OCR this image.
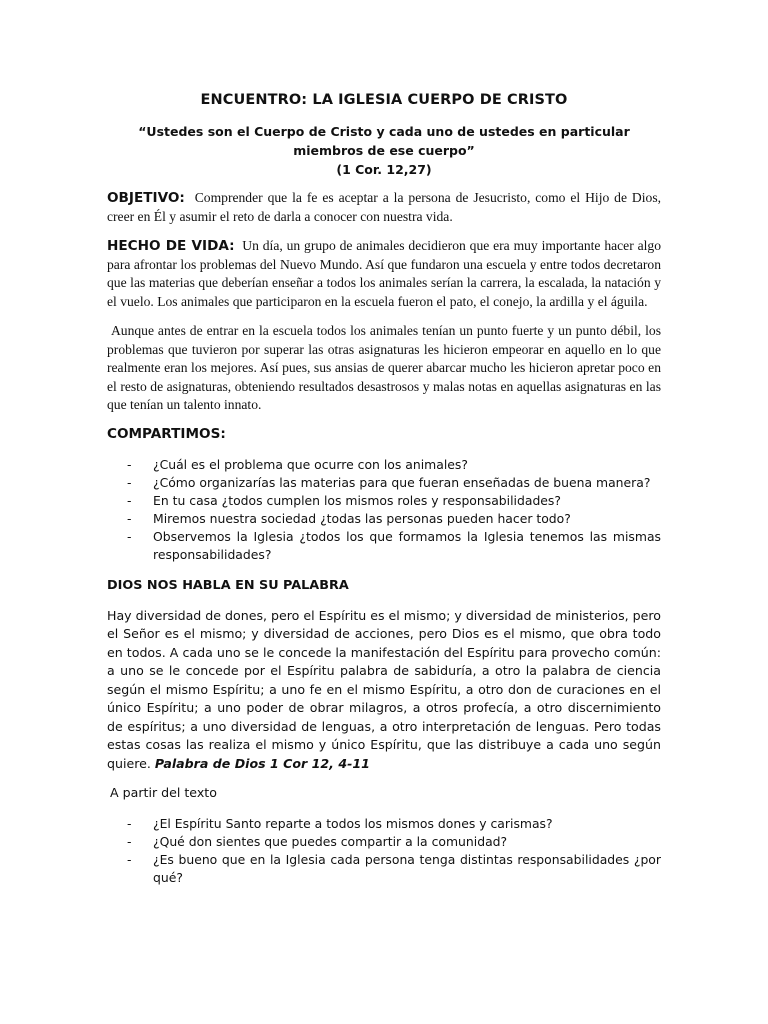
ENCUENTRO: LA IGLESIA CUERPO DE CRISTO
“Ustedes son el Cuerpo de Cristo y cada uno de ustedes en particular miembros de ese cuerpo”
(1 Cor. 12,27)
OBJETIVO: Comprender que la fe es aceptar a la persona de Jesucristo, como el Hijo de Dios, creer en Él y asumir el reto de darla a conocer con nuestra vida.
HECHO DE VIDA: Un día, un grupo de animales decidieron que era muy importante hacer algo para afrontar los problemas del Nuevo Mundo. Así que fundaron una escuela y entre todos decretaron que las materias que deberían enseñar a todos los animales serían la carrera, la escalada, la natación y el vuelo. Los animales que participaron en la escuela fueron el pato, el conejo, la ardilla y el águila.
Aunque antes de entrar en la escuela todos los animales tenían un punto fuerte y un punto débil, los problemas que tuvieron por superar las otras asignaturas les hicieron empeorar en aquello en lo que realmente eran los mejores. Así pues, sus ansias de querer abarcar mucho les hicieron apretar poco en el resto de asignaturas, obteniendo resultados desastrosos y malas notas en aquellas asignaturas en las que tenían un talento innato.
COMPARTIMOS:
- ¿Cuál es el problema que ocurre con los animales?
- ¿Cómo organizarías las materias para que fueran enseñadas de buena manera?
- En tu casa ¿todos cumplen los mismos roles y responsabilidades?
- Miremos nuestra sociedad ¿todas las personas pueden hacer todo?
- Observemos la Iglesia ¿todos los que formamos la Iglesia tenemos las mismas responsabilidades?
DIOS NOS HABLA EN SU PALABRA
Hay diversidad de dones, pero el Espíritu es el mismo; y diversidad de ministerios, pero el Señor es el mismo; y diversidad de acciones, pero Dios es el mismo, que obra todo en todos. A cada uno se le concede la manifestación del Espíritu para provecho común: a uno se le concede por el Espíritu palabra de sabiduría, a otro la palabra de ciencia según el mismo Espíritu; a uno fe en el mismo Espíritu, a otro don de curaciones en el único Espíritu; a uno poder de obrar milagros, a otros profecía, a otro discernimiento de espíritus; a uno diversidad de lenguas, a otro interpretación de lenguas. Pero todas estas cosas las realiza el mismo y único Espíritu, que las distribuye a cada uno según quiere. Palabra de Dios 1 Cor 12, 4-11
A partir del texto
- ¿El Espíritu Santo reparte a todos los mismos dones y carismas?
- ¿Qué don sientes que puedes compartir a la comunidad?
- ¿Es bueno que en la Iglesia cada persona tenga distintas responsabilidades ¿por qué?
